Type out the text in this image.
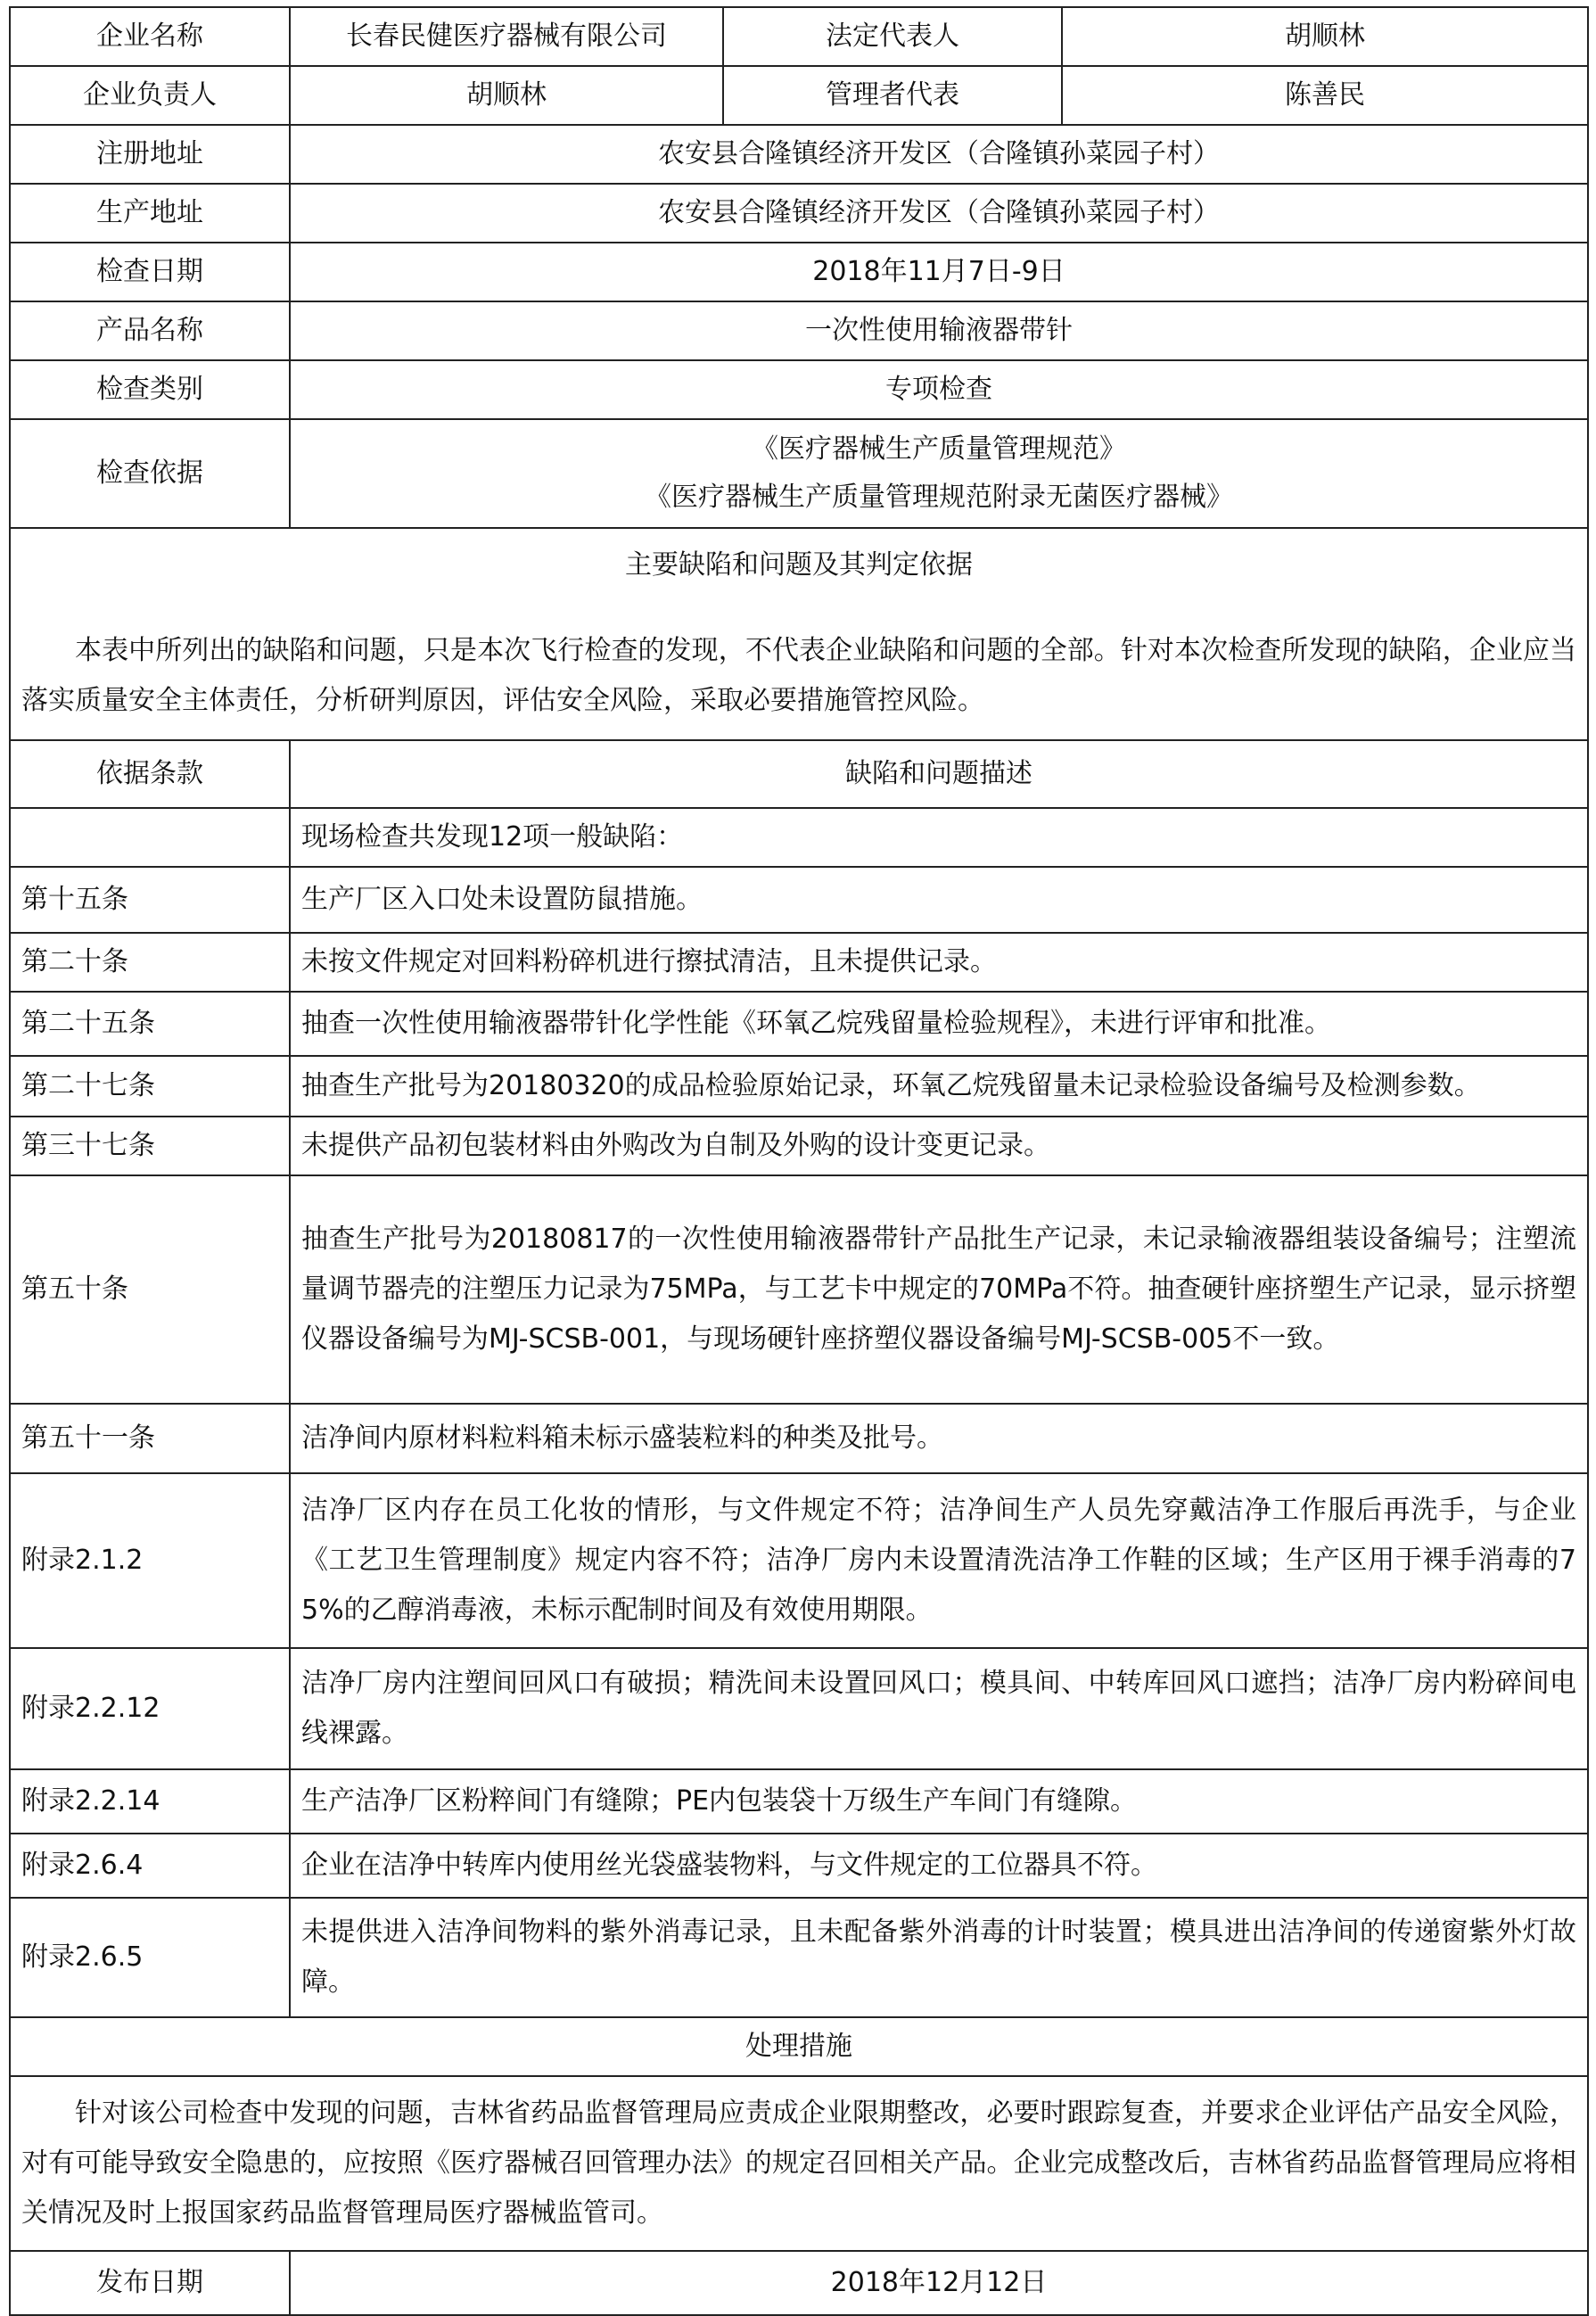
企业名称	长春民健医疗器械有限公司	法定代表人	胡顺林
企业负责人	胡顺林	管理者代表	陈善民
注册地址	农安县合隆镇经济开发区（合隆镇孙菜园子村）		
生产地址	农安县合隆镇经济开发区（合隆镇孙菜园子村）		
检查日期	2018年11月7日-9日		
产品名称	一次性使用输液器带针		
检查类别	专项检查		
检查依据	《医疗器械生产质量管理规范》
《医疗器械生产质量管理规范附录无菌医疗器械》		

主要缺陷和问题及其判定依据
本表中所列出的缺陷和问题，只是本次飞行检查的发现，不代表企业缺陷和问题的全部。针对本次检查所发现的缺陷，企业应当落实质量安全主体责任，分析研判原因，评估安全风险，采取必要措施管控风险。			
依据条款	缺陷和问题描述
	现场检查共发现12项一般缺陷：
第十五条	生产厂区入口处未设置防鼠措施。
第二十条	未按文件规定对回料粉碎机进行擦拭清洁，且未提供记录。
第二十五条	抽查一次性使用输液器带针化学性能《环氧乙烷残留量检验规程》，未进行评审和批准。
第二十七条	抽查生产批号为20180320的成品检验原始记录，环氧乙烷残留量未记录检验设备编号及检测参数。
第三十七条	未提供产品初包装材料由外购改为自制及外购的设计变更记录。
第五十条	抽查生产批号为20180817的一次性使用输液器带针产品批生产记录，未记录输液器组装设备编号；注塑流量调节器壳的注塑压力记录为75MPa，与工艺卡中规定的70MPa不符。抽查硬针座挤塑生产记录，显示挤塑仪器设备编号为MJ-SCSB-001，与现场硬针座挤塑仪器设备编号MJ-SCSB-005不一致。
第五十一条	洁净间内原材料粒料箱未标示盛装粒料的种类及批号。
附录2.1.2	洁净厂区内存在员工化妆的情形，与文件规定不符；洁净间生产人员先穿戴洁净工作服后再洗手，与企业《工艺卫生管理制度》规定内容不符；洁净厂房内未设置清洗洁净工作鞋的区域；生产区用于裸手消毒的75%的乙醇消毒液，未标示配制时间及有效使用期限。
附录2.2.12	洁净厂房内注塑间回风口有破损；精洗间未设置回风口；模具间、中转库回风口遮挡；洁净厂房内粉碎间电线裸露。
附录2.2.14	生产洁净厂区粉粹间门有缝隙；PE内包装袋十万级生产车间门有缝隙。
附录2.6.4	企业在洁净中转库内使用丝光袋盛装物料，与文件规定的工位器具不符。
附录2.6.5	未提供进入洁净间物料的紫外消毒记录，且未配备紫外消毒的计时装置；模具进出洁净间的传递窗紫外灯故障。
处理措施	
针对该公司检查中发现的问题，吉林省药品监督管理局应责成企业限期整改，必要时跟踪复查，并要求企业评估产品安全风险，对有可能导致安全隐患的，应按照《医疗器械召回管理办法》的规定召回相关产品。企业完成整改后，吉林省药品监督管理局应将相关情况及时上报国家药品监督管理局医疗器械监管司。	
发布日期	2018年12月12日
